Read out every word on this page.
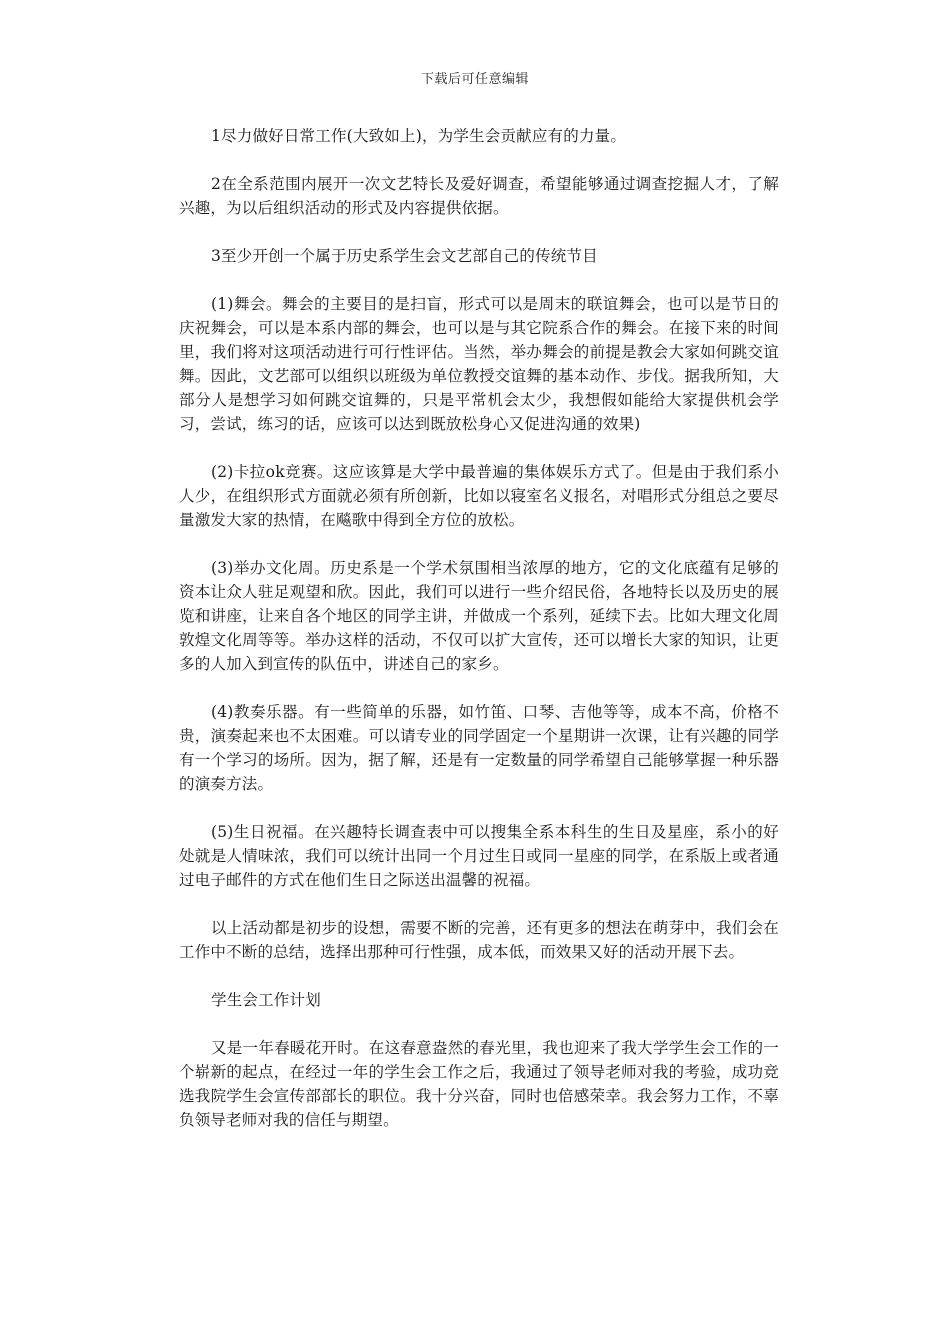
下载后可任意编辑

1尽力做好日常工作(大致如上)，为学生会贡献应有的力量。

2在全系范围内展开一次文艺特长及爱好调查，希望能够通过调查挖掘人才，了解兴趣，为以后组织活动的形式及内容提供依据。

3至少开创一个属于历史系学生会文艺部自己的传统节目

(1)舞会。舞会的主要目的是扫盲，形式可以是周末的联谊舞会，也可以是节日的庆祝舞会，可以是本系内部的舞会，也可以是与其它院系合作的舞会。在接下来的时间里，我们将对这项活动进行可行性评估。当然，举办舞会的前提是教会大家如何跳交谊舞。因此，文艺部可以组织以班级为单位教授交谊舞的基本动作、步伐。据我所知，大部分人是想学习如何跳交谊舞的，只是平常机会太少，我想假如能给大家提供机会学习，尝试，练习的话，应该可以达到既放松身心又促进沟通的效果)

(2)卡拉ok竞赛。这应该算是大学中最普遍的集体娱乐方式了。但是由于我们系小人少，在组织形式方面就必须有所创新，比如以寝室名义报名，对唱形式分组总之要尽量激发大家的热情，在飚歌中得到全方位的放松。

(3)举办文化周。历史系是一个学术氛围相当浓厚的地方，它的文化底蕴有足够的资本让众人驻足观望和欣。因此，我们可以进行一些介绍民俗，各地特长以及历史的展览和讲座，让来自各个地区的同学主讲，并做成一个系列，延续下去。比如大理文化周敦煌文化周等等。举办这样的活动，不仅可以扩大宣传，还可以增长大家的知识，让更多的人加入到宣传的队伍中，讲述自己的家乡。

(4)教奏乐器。有一些简单的乐器，如竹笛、口琴、吉他等等，成本不高，价格不贵，演奏起来也不太困难。可以请专业的同学固定一个星期讲一次课，让有兴趣的同学有一个学习的场所。因为，据了解，还是有一定数量的同学希望自己能够掌握一种乐器的演奏方法。

(5)生日祝福。在兴趣特长调查表中可以搜集全系本科生的生日及星座，系小的好处就是人情味浓，我们可以统计出同一个月过生日或同一星座的同学，在系版上或者通过电子邮件的方式在他们生日之际送出温馨的祝福。

以上活动都是初步的设想，需要不断的完善，还有更多的想法在萌芽中，我们会在工作中不断的总结，选择出那种可行性强，成本低，而效果又好的活动开展下去。

学生会工作计划

又是一年春暖花开时。在这春意盎然的春光里，我也迎来了我大学学生会工作的一个崭新的起点，在经过一年的学生会工作之后，我通过了领导老师对我的考验，成功竞选我院学生会宣传部部长的职位。我十分兴奋，同时也倍感荣幸。我会努力工作，不辜负领导老师对我的信任与期望。
